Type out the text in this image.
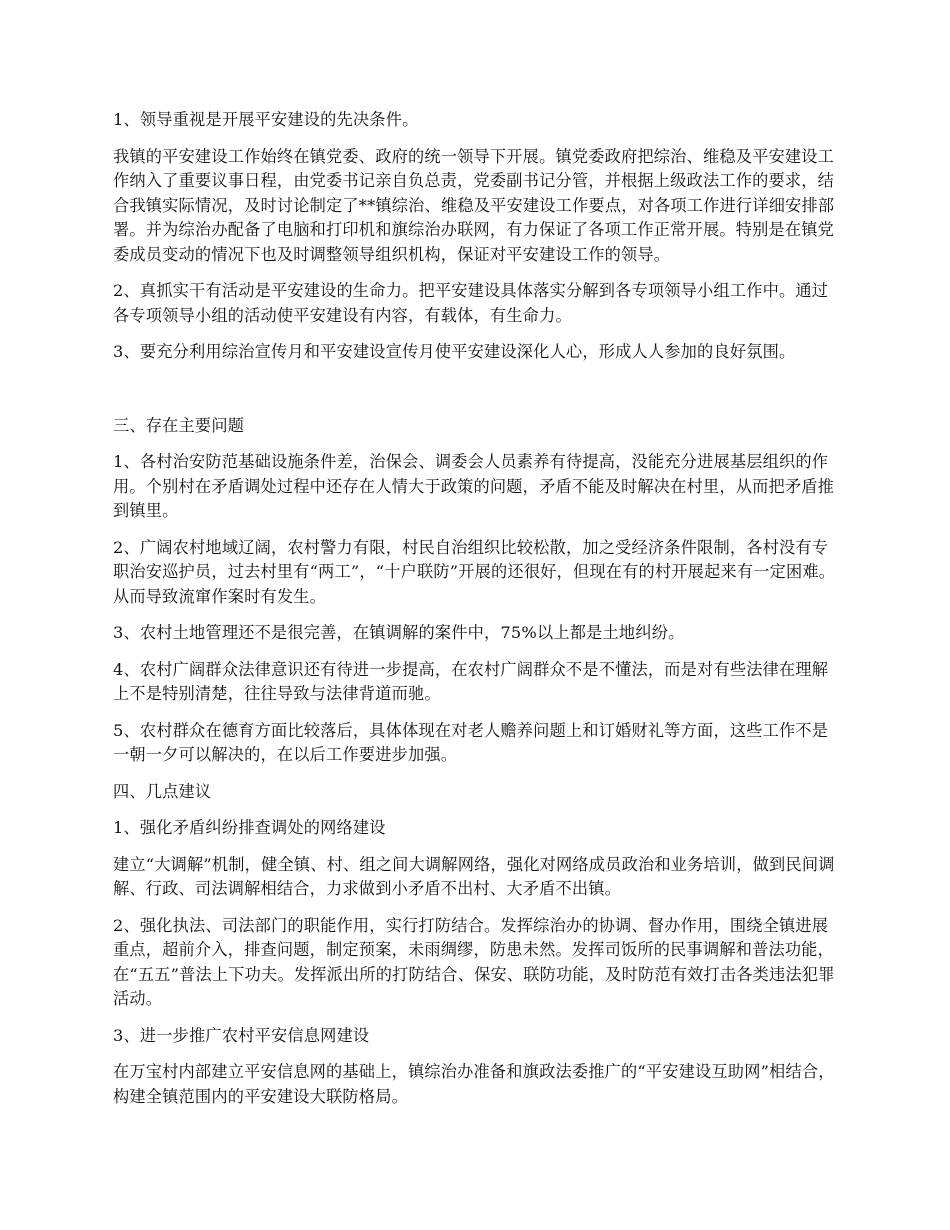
1、领导重视是开展平安建设的先决条件。

我镇的平安建设工作始终在镇党委、政府的统一领导下开展。镇党委政府把综治、维稳及平安建设工作纳入了重要议事日程，由党委书记亲自负总责，党委副书记分管，并根据上级政法工作的要求，结合我镇实际情况，及时讨论制定了**镇综治、维稳及平安建设工作要点，对各项工作进行详细安排部署。并为综治办配备了电脑和打印机和旗综治办联网，有力保证了各项工作正常开展。特别是在镇党委成员变动的情况下也及时调整领导组织机构，保证对平安建设工作的领导。

2、真抓实干有活动是平安建设的生命力。把平安建设具体落实分解到各专项领导小组工作中。通过各专项领导小组的活动使平安建设有内容，有载体，有生命力。

3、要充分利用综治宣传月和平安建设宣传月使平安建设深化人心，形成人人参加的良好氛围。

三、存在主要问题

1、各村治安防范基础设施条件差，治保会、调委会人员素养有待提高，没能充分进展基层组织的作用。个别村在矛盾调处过程中还存在人情大于政策的问题，矛盾不能及时解决在村里，从而把矛盾推到镇里。

2、广阔农村地域辽阔，农村警力有限，村民自治组织比较松散，加之受经济条件限制，各村没有专职治安巡护员，过去村里有“两工”，“十户联防”开展的还很好，但现在有的村开展起来有一定困难。从而导致流窜作案时有发生。

3、农村土地管理还不是很完善，在镇调解的案件中，75%以上都是土地纠纷。

4、农村广阔群众法律意识还有待进一步提高，在农村广阔群众不是不懂法，而是对有些法律在理解上不是特别清楚，往往导致与法律背道而驰。

5、农村群众在德育方面比较落后，具体体现在对老人赡养问题上和订婚财礼等方面，这些工作不是一朝一夕可以解决的，在以后工作要进步加强。

四、几点建议

1、强化矛盾纠纷排查调处的网络建设

建立“大调解”机制，健全镇、村、组之间大调解网络，强化对网络成员政治和业务培训，做到民间调解、行政、司法调解相结合，力求做到小矛盾不出村、大矛盾不出镇。

2、强化执法、司法部门的职能作用，实行打防结合。发挥综治办的协调、督办作用，围绕全镇进展重点，超前介入，排查问题，制定预案，未雨绸缪，防患未然。发挥司饭所的民事调解和普法功能，在“五五”普法上下功夫。发挥派出所的打防结合、保安、联防功能，及时防范有效打击各类违法犯罪活动。

3、进一步推广农村平安信息网建设

在万宝村内部建立平安信息网的基础上，镇综治办准备和旗政法委推广的“平安建设互助网”相结合，构建全镇范围内的平安建设大联防格局。
